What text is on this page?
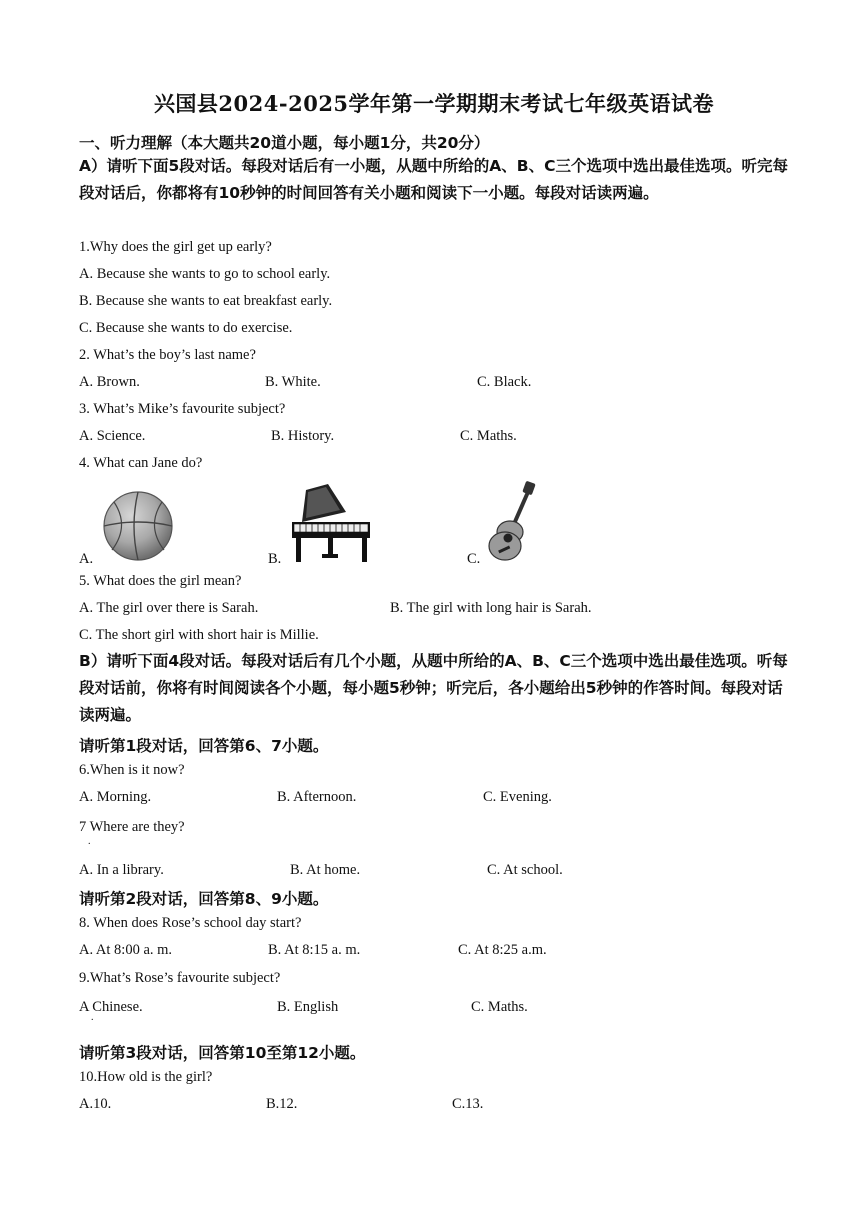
兴国县2024-2025学年第一学期期末考试七年级英语试卷
一、听力理解（本大题共20道小题，每小题1分，共20分）
A）请听下面5段对话。每段对话后有一小题，从题中所给的A、B、C三个选项中选出最佳选项。听完每段对话后，你都将有10秒钟的时间回答有关小题和阅读下一小题。每段对话读两遍。
1.Why does the girl get up early?
A. Because she wants to go to school early.
B. Because she wants to eat breakfast early.
C. Because she wants to do exercise.
2. What’s the boy’s last name?
A. Brown.	B. White.	C. Black.
3. What’s Mike’s favourite subject?
A. Science.	B. History.	C. Maths.
4. What can Jane do?
A.	B.	C.
5. What does the girl mean?
A. The girl over there is Sarah.	B. The girl with long hair is Sarah.
C. The short girl with short hair is Millie.
B）请听下面4段对话。每段对话后有几个小题，从题中所给的A、B、C三个选项中选出最佳选项。听每段对话前，你将有时间阅读各个小题，每小题5秒钟；听完后，各小题给出5秒钟的作答时间。每段对话读两遍。
请听第1段对话，回答第6、7小题。
6.When is it now?
A. Morning.	B. Afternoon.	C. Evening.
7 Where are they?
.
A. In a library.	B. At home.	C. At school.
请听第2段对话，回答第8、9小题。
8. When does Rose’s school day start?
A. At 8:00 a. m.	B. At 8:15 a. m.	C. At 8:25 a.m.
9.What’s Rose’s favourite subject?
A Chinese.
.
B. English	C. Maths.
请听第3段对话，回答第10至第12小题。
10.How old is the girl?
A.10.	B.12.	C.13.
